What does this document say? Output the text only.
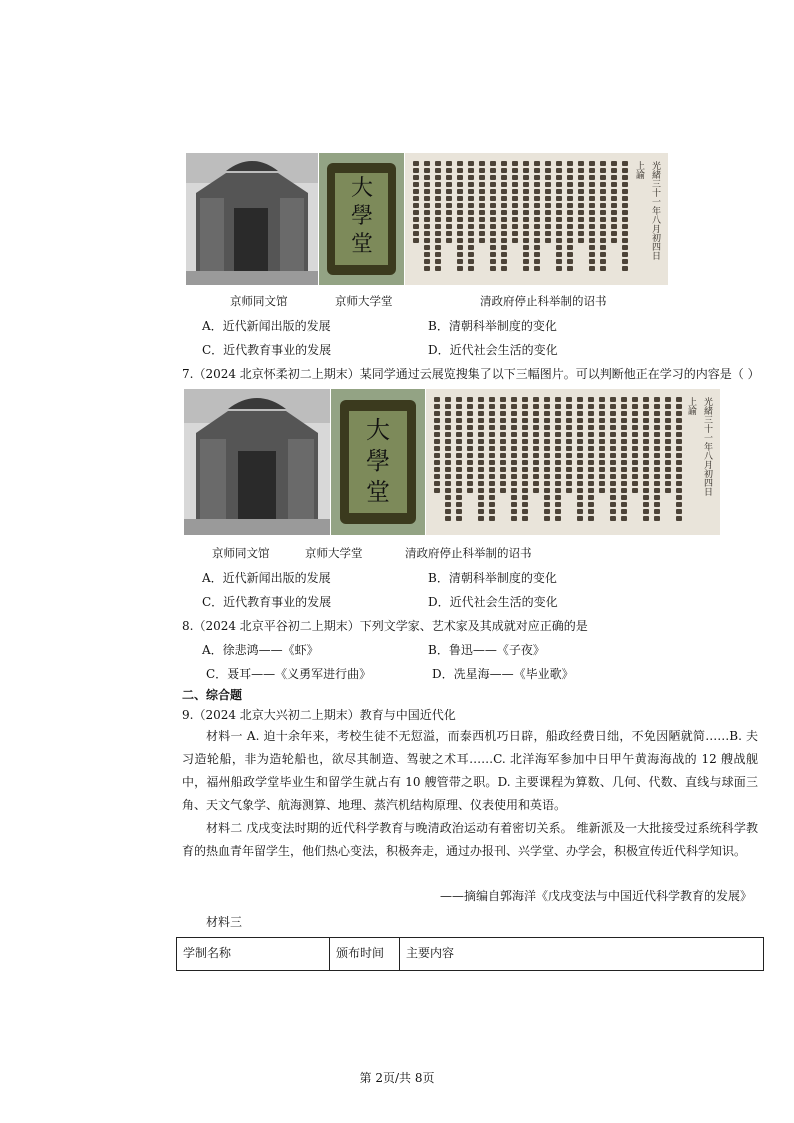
大
學
堂	光緒三十一年八月初四日
上諭
京师同文馆	京师大学堂	清政府停止科举制的诏书
A．近代新闻出版的发展	B．清朝科举制度的变化
C．近代教育事业的发展	D．近代社会生活的变化
7.（2024 北京怀柔初二上期末）某同学通过云展览搜集了以下三幅图片。可以判断他正在学习的内容是（ ）
大
學
堂	光緒三十一年八月初四日
上諭
京师同文馆	京师大学堂	清政府停止科举制的诏书
A．近代新闻出版的发展	B．清朝科举制度的变化
C．近代教育事业的发展	D．近代社会生活的变化
8.（2024 北京平谷初二上期末）下列文学家、艺术家及其成就对应正确的是
A．徐悲鸿——《虾》	B．鲁迅——《子夜》
C．聂耳——《义勇军进行曲》	D．冼星海——《毕业歌》
二、综合题
9.（2024 北京大兴初二上期末）教育与中国近代化
材料一 A. 迫十余年来，考校生徒不无愆溢，而泰西机巧日辟，船政经费日绌，不免因陋就简……B. 夫习造轮船，非为造轮船也，欲尽其制造、驾驶之术耳……C. 北洋海军参加中日甲午黄海海战的 12 艘战舰中，福州船政学堂毕业生和留学生就占有 10 艘管带之职。D. 主要课程为算数、几何、代数、直线与球面三角、天文气象学、航海测算、地理、蒸汽机结构原理、仪表使用和英语。
材料二 戊戌变法时期的近代科学教育与晚清政治运动有着密切关系。 维新派及一大批接受过系统科学教育的热血青年留学生，他们热心变法，积极奔走，通过办报刊、兴学堂、办学会，积极宣传近代科学知识。
——摘编自郭海洋《戊戌变法与中国近代科学教育的发展》
材料三
学制名称	颁布时间	主要内容
第 2页/共 8页
